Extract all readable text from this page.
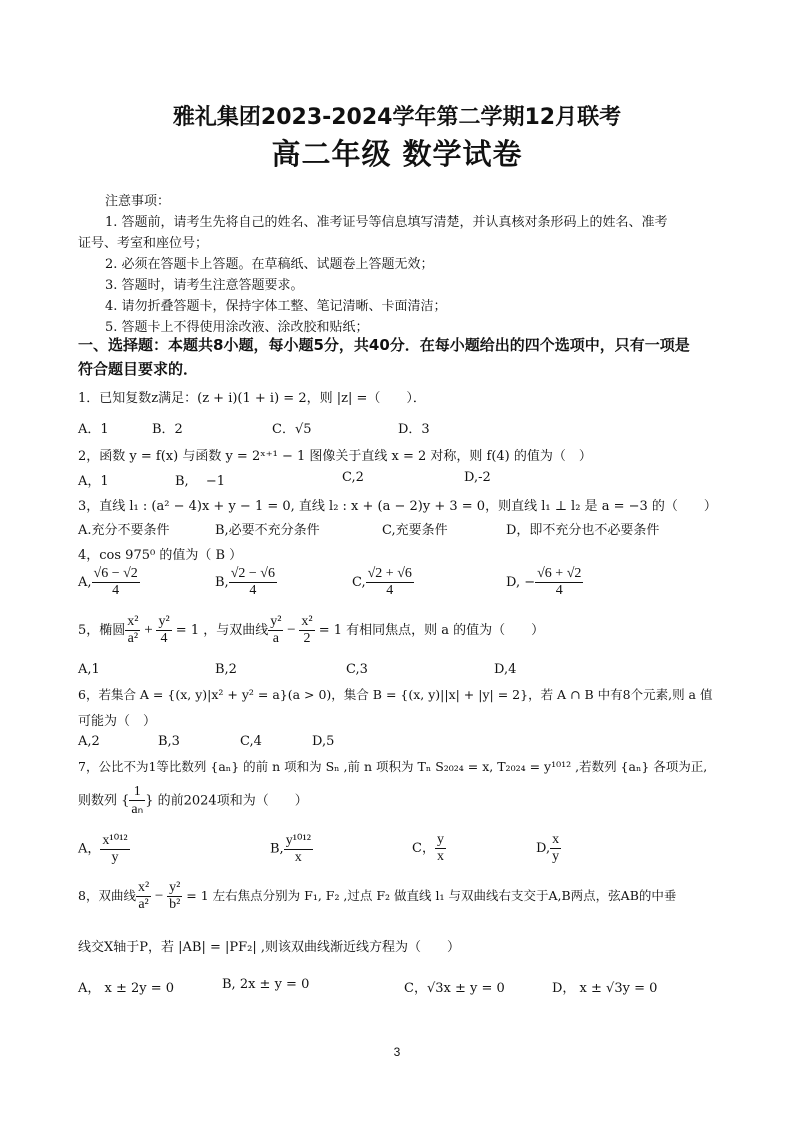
雅礼集团2023-2024学年第二学期12月联考
高二年级 数学试卷
注意事项：
1. 答题前，请考生先将自己的姓名、准考证号等信息填写清楚，并认真核对条形码上的姓名、准考
证号、考室和座位号；
2. 必须在答题卡上答题。在草稿纸、试题卷上答题无效；
3. 答题时，请考生注意答题要求。
4. 请勿折叠答题卡，保持字体工整、笔记清晰、卡面清洁；
5. 答题卡上不得使用涂改液、涂改胶和贴纸；
一、选择题：本题共8小题，每小题5分，共40分．在每小题给出的四个选项中，只有一项是
符合题目要求的．
1．已知复数z满足：(z + i)(1 + i) = 2，则 |z| =（　　）．
A．1	B．2	C．√5	D．3
2，函数 y = f(x) 与函数 y = 2ˣ⁺¹ − 1 图像关于直线 x = 2 对称，则 f(4) 的值为（　）
A，1	B,　 −1	C,2	D,-2
3，直线 l₁ : (a² − 4)x + y − 1 = 0, 直线 l₂ : x + (a − 2)y + 3 = 0，则直线 l₁ ⊥ l₂ 是 a = −3 的（　　）
A.充分不要条件	B,必要不充分条件	C,充要条件	D，即不充分也不必要条件
4，cos 975⁰ 的值为（ B ）
A, $\frac{√6 - √2}{4}$	B, $\frac{√2 - √6}{4}$	C, $\frac{√2 + √6}{4}$	D, − $\frac{√6 + √2}{4}$
5，椭圆 $\frac{\text{x²}}{\text{a²}} + \frac{\text{y²}}{4} = 1$ ，与双曲线 $\frac{\text{y²}}{a} - \frac{\text{x²}}{2} = 1$ 有相同焦点，则 a 的值为（　　）
A,1	B,2	C,3	D,4
6，若集合 A = {(x, y)|x² + y² = a}(a > 0)，集合 B = {(x, y)||x| + |y| = 2}，若 A ∩ B 中有8个元素,则 a 值
可能为（　）
A,2	B,3	C,4	D,5
7，公比不为1等比数列 {aₙ} 的前 n 项和为 Sₙ ,前 n 项积为 Tₙ S₂₀₂₄ = x, T₂₀₂₄ = y¹⁰¹² ,若数列 {aₙ} 各项为正,
则数列 { $\frac{1}{\text{aₙ}}$ } 的前2024项和为（　　）
A， $\frac{\text{x¹⁰¹²}}{y}$	B, $\frac{\text{y¹⁰¹²}}{x}$	C， $\frac{y}{x}$	D, $\frac{x}{y}$
8，双曲线 $\frac{\text{x²}}{\text{a²}} - \frac{\text{y²}}{\text{b²}} = 1$ 左右焦点分别为 F₁, F₂ ,过点 F₂ 做直线 l₁ 与双曲线右支交于A,B两点，弦AB的中垂
线交X轴于P，若 |AB| = |PF₂| ,则该双曲线渐近线方程为（　　）
A， x ± 2y = 0	B, 2x ± y = 0	C，√3x ± y = 0	D， x ± √3y = 0
3
